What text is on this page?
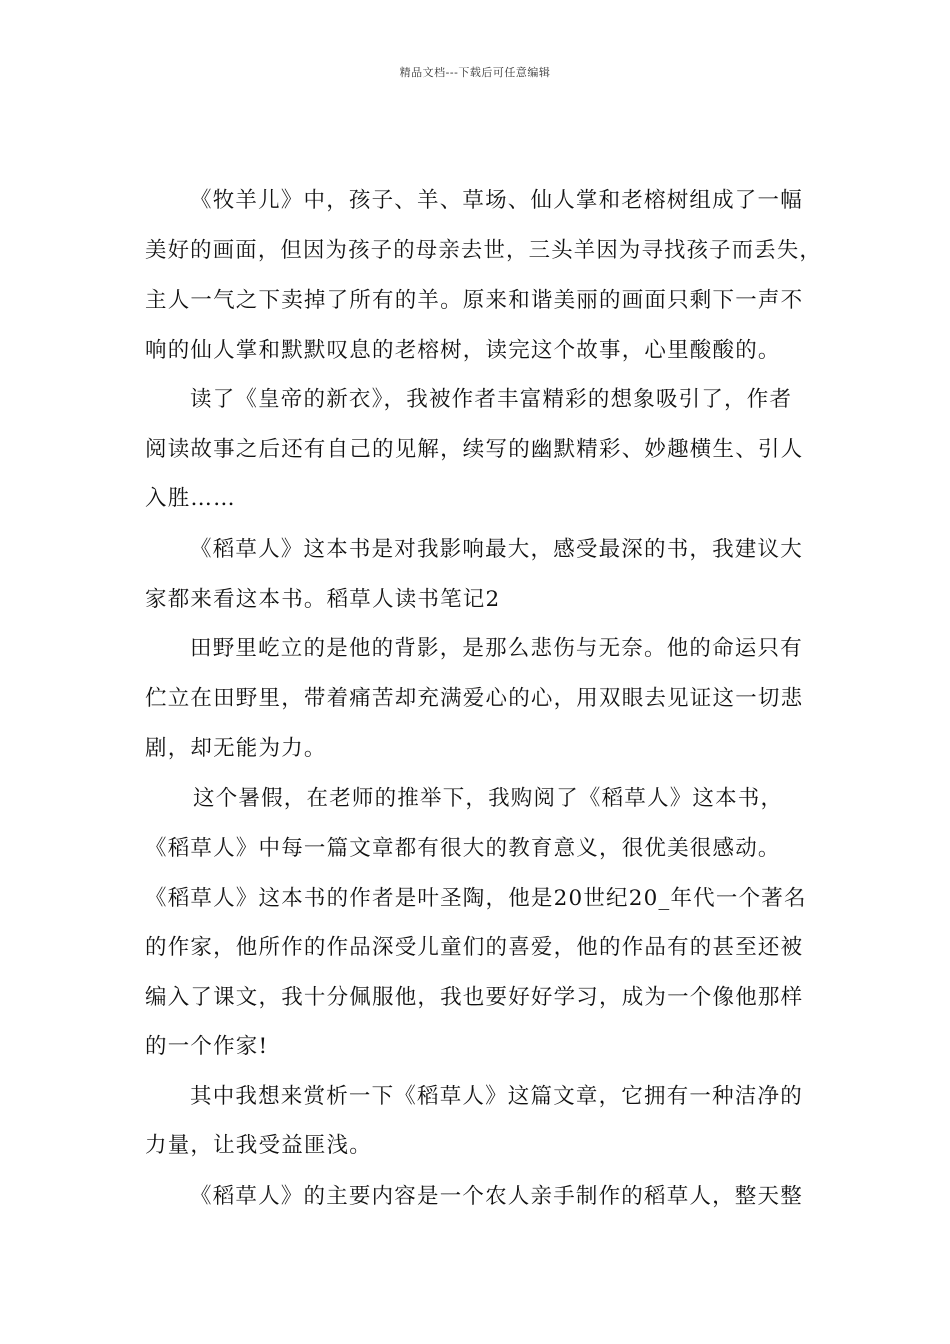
精品文档---下载后可任意编辑
《牧羊儿》中，孩子、羊、草场、仙人掌和老榕树组成了一幅
美好的画面，但因为孩子的母亲去世，三头羊因为寻找孩子而丢失，
主人一气之下卖掉了所有的羊。原来和谐美丽的画面只剩下一声不
响的仙人掌和默默叹息的老榕树，读完这个故事，心里酸酸的。
读了《皇帝的新衣》，我被作者丰富精彩的想象吸引了，作者
阅读故事之后还有自己的见解，续写的幽默精彩、妙趣横生、引人
入胜……
《稻草人》这本书是对我影响最大，感受最深的书，我建议大
家都来看这本书。稻草人读书笔记2
田野里屹立的是他的背影，是那么悲伤与无奈。他的命运只有
伫立在田野里，带着痛苦却充满爱心的心，用双眼去见证这一切悲
剧，却无能为力。
这个暑假，在老师的推举下，我购阅了《稻草人》这本书，
《稻草人》中每一篇文章都有很大的教育意义，很优美很感动。
《稻草人》这本书的作者是叶圣陶，他是20世纪20_年代一个著名
的作家，他所作的作品深受儿童们的喜爱，他的作品有的甚至还被
编入了课文，我十分佩服他，我也要好好学习，成为一个像他那样
的一个作家!
其中我想来赏析一下《稻草人》这篇文章，它拥有一种洁净的
力量，让我受益匪浅。
《稻草人》的主要内容是一个农人亲手制作的稻草人，整天整
